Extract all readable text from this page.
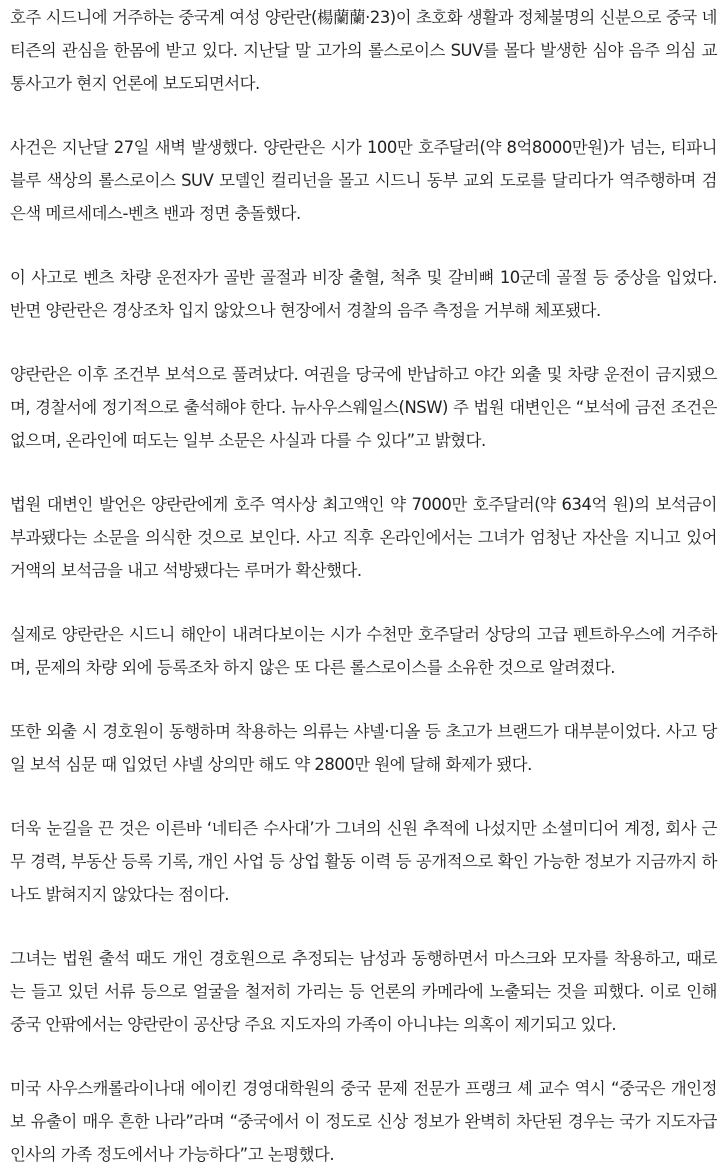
호주 시드니에 거주하는 중국계 여성 양란란(楊蘭蘭·23)이 초호화 생활과 정체불명의 신분으로 중국 네티즌의 관심을 한몸에 받고 있다. 지난달 말 고가의 롤스로이스 SUV를 몰다 발생한 심야 음주 의심 교통사고가 현지 언론에 보도되면서다.

사건은 지난달 27일 새벽 발생했다. 양란란은 시가 100만 호주달러(약 8억8000만원)가 넘는, 티파니 블루 색상의 롤스로이스 SUV 모델인 컬리넌을 몰고 시드니 동부 교외 도로를 달리다가 역주행하며 검은색 메르세데스-벤츠 밴과 정면 충돌했다.

이 사고로 벤츠 차량 운전자가 골반 골절과 비장 출혈, 척추 및 갈비뼈 10군데 골절 등 중상을 입었다. 반면 양란란은 경상조차 입지 않았으나 현장에서 경찰의 음주 측정을 거부해 체포됐다.

양란란은 이후 조건부 보석으로 풀려났다. 여권을 당국에 반납하고 야간 외출 및 차량 운전이 금지됐으며, 경찰서에 정기적으로 출석해야 한다. 뉴사우스웨일스(NSW) 주 법원 대변인은 “보석에 금전 조건은 없으며, 온라인에 떠도는 일부 소문은 사실과 다를 수 있다”고 밝혔다.

법원 대변인 발언은 양란란에게 호주 역사상 최고액인 약 7000만 호주달러(약 634억 원)의 보석금이 부과됐다는 소문을 의식한 것으로 보인다. 사고 직후 온라인에서는 그녀가 엄청난 자산을 지니고 있어 거액의 보석금을 내고 석방됐다는 루머가 확산했다.

실제로 양란란은 시드니 해안이 내려다보이는 시가 수천만 호주달러 상당의 고급 펜트하우스에 거주하며, 문제의 차량 외에 등록조차 하지 않은 또 다른 롤스로이스를 소유한 것으로 알려졌다.

또한 외출 시 경호원이 동행하며 착용하는 의류는 샤넬·디올 등 초고가 브랜드가 대부분이었다. 사고 당일 보석 심문 때 입었던 샤넬 상의만 해도 약 2800만 원에 달해 화제가 됐다.

더욱 눈길을 끈 것은 이른바 ‘네티즌 수사대’가 그녀의 신원 추적에 나섰지만 소셜미디어 계정, 회사 근무 경력, 부동산 등록 기록, 개인 사업 등 상업 활동 이력 등 공개적으로 확인 가능한 정보가 지금까지 하나도 밝혀지지 않았다는 점이다.

그녀는 법원 출석 때도 개인 경호원으로 추정되는 남성과 동행하면서 마스크와 모자를 착용하고, 때로는 들고 있던 서류 등으로 얼굴을 철저히 가리는 등 언론의 카메라에 노출되는 것을 피했다. 이로 인해 중국 안팎에서는 양란란이 공산당 주요 지도자의 가족이 아니냐는 의혹이 제기되고 있다.

미국 사우스캐롤라이나대 에이킨 경영대학원의 중국 문제 전문가 프랭크 셰 교수 역시 “중국은 개인정보 유출이 매우 흔한 나라”라며 “중국에서 이 정도로 신상 정보가 완벽히 차단된 경우는 국가 지도자급 인사의 가족 정도에서나 가능하다”고 논평했다.
